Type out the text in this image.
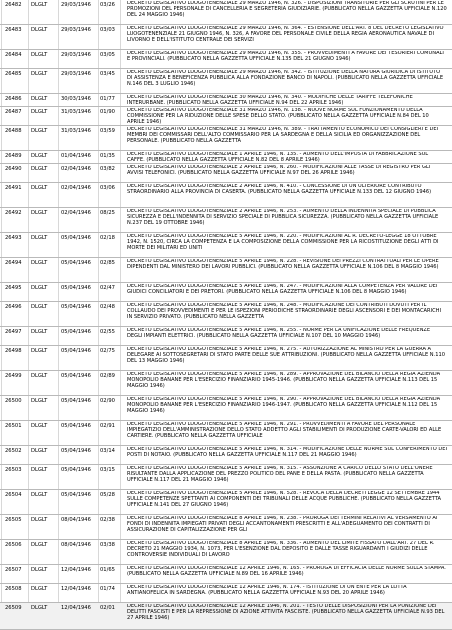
26482	DLGLT	29/03/1946	03/26	DECRETO LEGISLATIVO LUOGOTENENZIALE 29 MARZO 1946, N. 326. - DISPOSIZIONI TRANSITORIE PER GLI SCRUTINI PER LE PROMOZIONI DEL PERSONALE DI CANCELLERIA E SEGRETERIA GIUDIZIARIE. (PUBBLICATO NELLA GAZZETTA UFFICIALE N.120 DEL 24 MAGGIO 1946)
26483	DLGLT	29/03/1946	03/03	DECRETO LEGISLATIVO LUOGOTENENZIALE 29 MARZO 1946, N. 364. - ESTENSIONE DELL'ART. 8 DEL DECRETO LEGISLATIVO LUOGOTENENZIALE 21 GIUGNO 1946, N. 326, A FAVORE DEL PERSONALE CIVILE DELLA REGIA AERONAUTICA NAVALE DI LIVORNO E DELL'ISTITUTO CENTRALE DEI SERVIZI
26484	DLGLT	29/03/1946	03/05	DECRETO LEGISLATIVO LUOGOTENENZIALE 29 MARZO 1946, N. 355. - PROVVEDIMENTI A FAVORE DEI TESORIERI COMUNALI E PROVINCIALI. (PUBBLICATO NELLA GAZZETTA UFFICIALE N.135 DEL 21 GIUGNO 1946)
26485	DLGLT	29/03/1946	03/45	DECRETO LEGISLATIVO LUOGOTENENZIALE 29 MARZO 1946, N. 342. - ISTITUZIONE DELLA NATURA GIURIDICA DI ISTITUTO DI ASSISTENZA E BENEFICENZA PUBBLICA ALLA FONDAZIONE BANCO DI NAPOLI. (PUBBLICATO NELLA GAZZETTA UFFICIALE N.146 DEL 3 LUGLIO 1946)
26486	DLGLT	30/03/1946	01/77	DECRETO LEGISLATIVO LUOGOTENENZIALE 30 MARZO 1946, N. 340. - MODIFICHE DELLE TARIFFE TELEFONICHE INTERURBANE. (PUBBLICATO NELLA GAZZETTA UFFICIALE N.94 DEL 22 APRILE 1946)
26487	DLGLT	31/03/1946	01/90	DECRETO LEGISLATIVO LUOGOTENENZIALE 31 MARZO 1946, N. 138. - NUOVE NORME SUL FUNZIONAMENTO DELLA COMMISSIONE PER LA RIDUZIONE DELLE SPESE DELLO STATO. (PUBBLICATO NELLA GAZZETTA UFFICIALE N.84 DEL 10 APRILE 1946)
26488	DLGLT	31/03/1946	03/59	DECRETO LEGISLATIVO LUOGOTENENZIALE 31 MARZO 1946, N. 389. - TRATTAMENTO ECONOMICO DEI CONSIGLIERI E DEI MEMBRI DEI COMMISSARI DELL'ALTO COMMISSARIO PER LA SARDEGNA E DELLA SICILIA ED ORGANIZZAZIONE DEL PERSONALE. (PUBBLICATO NELLA GAZZETTA
26489	DLGLT	01/04/1946	01/35	DECRETO LEGISLATIVO LUOGOTENENZIALE 1 APRILE 1946, N. 135. - AUMENTO DELL'IMPOSTA DI FABBRICAZIONE SUL CAFFE. (PUBBLICATO NELLA GAZZETTA UFFICIALE N.82 DEL 8 APRILE 1946)
26490	DLGLT	02/04/1946	03/82	DECRETO LEGISLATIVO LUOGOTENENZIALE 2 APRILE 1946, N. 260. - MODIFICAZIONI ALLE TASSE DI REGISTRO PER GLI AVVISI TELEFONICI. (PUBBLICATO NELLA GAZZETTA UFFICIALE N.97 DEL 26 APRILE 1946)
26491	DLGLT	02/04/1946	03/06	DECRETO LEGISLATIVO LUOGOTENENZIALE 2 APRILE 1946, N. 410. - CONCESSIONE DI UN ULTERIORE CONTRIBUTO STRAORDINARIO ALLA PROVINCIA DI CASERTA. (PUBBLICATO NELLA GAZZETTA UFFICIALE N.133 DEL 12 GIUGNO 1946)
26492	DLGLT	02/04/1946	08/25	DECRETO LEGISLATIVO LUOGOTENENZIALE 2 APRILE 1946, N. 253. - AUMENTO DELLA INDENNITA SPECIALE DI PUBBLICA SICUREZZA E DELL'INDENNITA DI SERVIZIO SPECIALE DI PUBBLICA SICUREZZA. (PUBBLICATO NELLA GAZZETTA UFFICIALE N.237 DEL 19 OTTOBRE 1946)
26493	DLGLT	05/04/1946	02/18	DECRETO LEGISLATIVO LUOGOTENENZIALE 5 APRILE 1946, N. 220. - MODIFICAZIONI AL R. DECRETO-LEGGE 18 OTTOBRE 1942, N. 1520, CIRCA LA COMPETENZA E LA COMPOSIZIONE DELLA COMMISSIONE PER LA RICOSTITUZIONE DEGLI ATTI DI MORTE DEI MILITARI ED UNITI
26494	DLGLT	05/04/1946	02/85	DECRETO LEGISLATIVO LUOGOTENENZIALE 5 APRILE 1946, N. 228. - REVISIONE DEI PREZZI CONTRATTUALI PER LE OPERE DIPENDENTI DAL MINISTERO DEI LAVORI PUBBLICI. (PUBBLICATO NELLA GAZZETTA UFFICIALE N.106 DEL 8 MAGGIO 1946)
26495	DLGLT	05/04/1946	02/47	DECRETO LEGISLATIVO LUOGOTENENZIALE 5 APRILE 1946, N. 247. - MODIFICAZIONI ALLA COMPETENZA PER VALORE DEI GIUDICI CONCILIATORI E DEI PRETORI. (PUBBLICATO NELLA GAZZETTA UFFICIALE N.106 DEL 8 MAGGIO 1946)
26496	DLGLT	05/04/1946	02/48	DECRETO LEGISLATIVO LUOGOTENENZIALE 5 APRILE 1946, N. 248. - MODIFICAZIONE DEI CONTRIBUTI DOVUTI PER IL COLLAUDO DEI PROVVEDIMENTI E PER LE ISPEZIONI PERIODICHE STRAORDINARIE DEGLI ASCENSORI E DEI MONTACARICHI IN SERVIZIO PRIVATO. (PUBBLICATO NELLA GAZZETTA
26497	DLGLT	05/04/1946	02/55	DECRETO LEGISLATIVO LUOGOTENENZIALE 5 APRILE 1946, N. 255. - NORME PER LA UNIFICAZIONE DELLE FREQUENZE DEGLI IMPIANTI ELETTRICI. (PUBBLICATO NELLA GAZZETTA UFFICIALE N.107 DEL 10 MAGGIO 1946)
26498	DLGLT	05/04/1946	02/75	DECRETO LEGISLATIVO LUOGOTENENZIALE 5 APRILE 1946, N. 275. - AUTORIZZAZIONE AL MINISTRO PER LA GUERRA A DELEGARE AI SOTTOSEGRETARI DI STATO PARTE DELLE SUE ATTRIBUZIONI. (PUBBLICATO NELLA GAZZETTA UFFICIALE N.110 DEL 13 MAGGIO 1946)
26499	DLGLT	05/04/1946	02/89	DECRETO LEGISLATIVO LUOGOTENENZIALE 5 APRILE 1946, N. 289. - APPROVAZIONE DEL BILANCIO DELLA REGIA AZIENDA MONOPOLIO BANANE PER L'ESERCIZIO FINANZIARIO 1945-1946. (PUBBLICATO NELLA GAZZETTA UFFICIALE N.113 DEL 15 MAGGIO 1946)
26500	DLGLT	05/04/1946	02/90	DECRETO LEGISLATIVO LUOGOTENENZIALE 5 APRILE 1946, N. 290. - APPROVAZIONE DEL BILANCIO DELLA REGIA AZIENDA MONOPOLIO BANANE PER L'ESERCIZIO FINANZIARIO 1946-1947. (PUBBLICATO NELLA GAZZETTA UFFICIALE N.112 DEL 15 MAGGIO 1946)
26501	DLGLT	05/04/1946	02/91	DECRETO LEGISLATIVO LUOGOTENENZIALE 5 APRILE 1946, N. 291. - PROVVEDIMENTI A FAVORE DEL PERSONALE IMPIEGATIZIO DELL'AMMINISTRAZIONE DELLO STATO ADDETTO AGLI STABILIMENTI DI PRODUZIONE CARTE-VALORI ED ALLE CARTIERE. (PUBBLICATO NELLA GAZZETTA UFFICIALE
26502	DLGLT	05/04/1946	03/14	DECRETO LEGISLATIVO LUOGOTENENZIALE 5 APRILE 1946, N. 314. - MODIFICAZIONE DELLE NORME SUL CONFERIMENTO DEI POSTI DI NOTAIO. (PUBBLICATO NELLA GAZZETTA UFFICIALE N.117 DEL 21 MAGGIO 1946)
26503	DLGLT	05/04/1946	03/15	DECRETO LEGISLATIVO LUOGOTENENZIALE 5 APRILE 1946, N. 315. - ASSUNZIONE A CARICO DELLO STATO DELL'ONERE RISULTANTE DALLA APPLICAZIONE DEL PREZZO POLITICO DEL PANE E DELLA PASTA. (PUBBLICATO NELLA GAZZETTA UFFICIALE N.117 DEL 21 MAGGIO 1946)
26504	DLGLT	05/04/1946	05/28	DECRETO LEGISLATIVO LUOGOTENENZIALE 5 APRILE 1946, N. 528. - REVOCA DELLA DECRETI LEGGE 12 SETTEMBRE 1944 SULLE COMPETENZE SPETTANTI AI COMPONENTI DEI TRIBUNALI DELLE ACQUE PUBBLICHE. (PUBBLICATO NELLA GAZZETTA UFFICIALE N.141 DEL 27 GIUGNO 1946)
26505	DLGLT	08/04/1946	02/38	DECRETO LEGISLATIVO LUOGOTENENZIALE 8 APRILE 1946, N. 238. - PROROGA DEI TERMINI RELATIVI AL VERSAMENTO AI FONDI DI INDENNITA IMPIEGATI PRIVATI DEGLI ACCANTONAMENTI PRESCRITTI E ALL'ADEGUAMENTO DEI CONTRATTI DI ASSICURAZIONE DI CAPITALIZZAZIONE PER GLI
26506	DLGLT	08/04/1946	03/38	DECRETO LEGISLATIVO LUOGOTENENZIALE 8 APRILE 1946, N. 336. - AUMENTO DEL LIMITE FISSATO DALL'ART. 27 DEL R. DECRETO 21 MAGGIO 1934, N. 1073, PER L'ESENZIONE DAL DEPOSITO E DALLE TASSE RIGUARDANTI I GIUDIZI DELLE CONTROVERSIE INDIVIDUALI DI LAVORO
26507	DLGLT	12/04/1946	01/65	DECRETO LEGISLATIVO LUOGOTENENZIALE 12 APRILE 1946, N. 165. - PROROGA DI EFFICACIA DELLE NORME SULLA STAMPA. (PUBBLICATO NELLA GAZZETTA UFFICIALE N.89 DEL 16 APRILE 1946)
26508	DLGLT	12/04/1946	01/74	DECRETO LEGISLATIVO LUOGOTENENZIALE 12 APRILE 1946, N. 174. - ISTITUZIONE DI UN ENTE PER LA LOTTA ANTIANOFELICA IN SARDEGNA. (PUBBLICATO NELLA GAZZETTA UFFICIALE N.93 DEL 20 APRILE 1946)
26509	DLGLT	12/04/1946	02/01	DECRETO LEGISLATIVO LUOGOTENENZIALE 12 APRILE 1946, N. 201. - TESTO DELLE DISPOSIZIONI PER LA PUNIZIONE DEI DELITTI FASCISTI E PER LA REPRESSIONE DI AZIONE ATTIVITA FASCISTE. (PUBBLICATO NELLA GAZZETTA UFFICIALE N.93 DEL 27 APRILE 1946)
